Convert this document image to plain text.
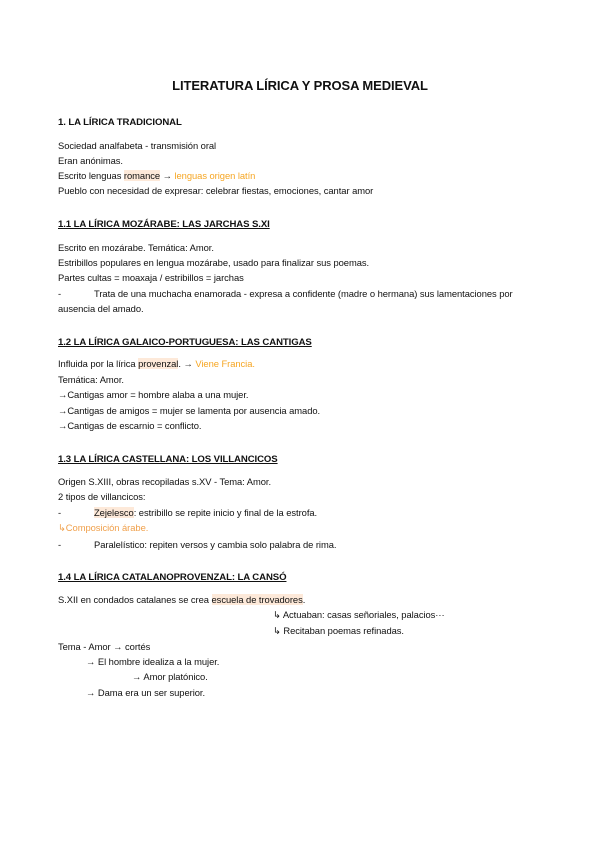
LITERATURA LÍRICA Y PROSA MEDIEVAL
1. LA LÍRICA TRADICIONAL
Sociedad analfabeta - transmisión oral
Eran anónimas.
Escrito lenguas romance → lenguas origen latín
Pueblo con necesidad de expresar: celebrar fiestas, emociones, cantar amor
1.1 LA LÍRICA MOZÁRABE: LAS JARCHAS S.XI
Escrito en mozárabe. Temática: Amor.
Estribillos populares en lengua mozárabe, usado para finalizar sus poemas.
Partes cultas = moaxaja / estribillos = jarchas
-	Trata de una muchacha enamorada - expresa a confidente (madre o hermana) sus lamentaciones por
ausencia del amado.
1.2 LA LÍRICA GALAICO-PORTUGUESA: LAS CANTIGAS
Influida por la lírica provenzal. → Viene Francia.
Temática: Amor.
→Cantigas amor = hombre alaba a una mujer.
→Cantigas de amigos = mujer se lamenta por ausencia amado.
→Cantigas de escarnio = conflicto.
1.3 LA LÍRICA CASTELLANA: LOS VILLANCICOS
Origen S.XIII, obras recopiladas s.XV - Tema: Amor.
2 tipos de villancicos:
-	Zejelesco: estribillo se repite inicio y final de la estrofa.
↳Composición árabe.
-	Paralelístico: repiten versos y cambia solo palabra de rima.
1.4 LA LÍRICA CATALANOPROVENZAL: LA CANSÓ
S.XII en condados catalanes se crea escuela de trovadores.
↳ Actuaban: casas señoriales, palacios···
↳ Recitaban poemas refinadas.
Tema - Amor → cortés
→ El hombre idealiza a la mujer.
→ Amor platónico.
→ Dama era un ser superior.
